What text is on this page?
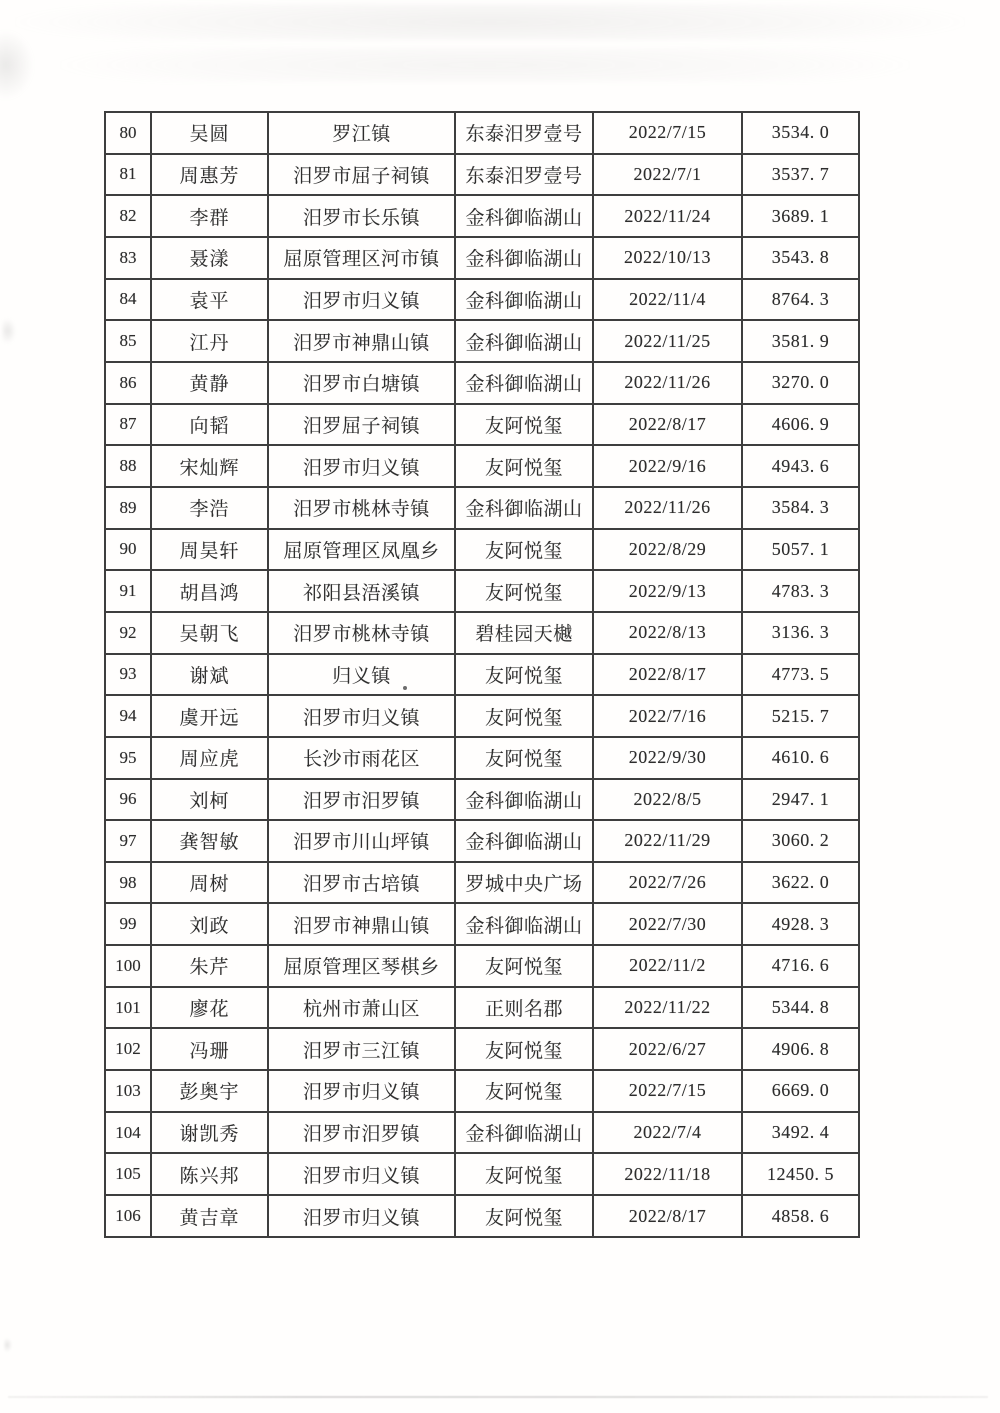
80	吴圆	罗江镇	东泰汨罗壹号	2022/7/15	3534. 0
81	周惠芳	汨罗市屈子祠镇	东泰汨罗壹号	2022/7/1	3537. 7
82	李群	汨罗市长乐镇	金科御临湖山	2022/11/24	3689. 1
83	聂漾	屈原管理区河市镇	金科御临湖山	2022/10/13	3543. 8
84	袁平	汨罗市归义镇	金科御临湖山	2022/11/4	8764. 3
85	江丹	汨罗市神鼎山镇	金科御临湖山	2022/11/25	3581. 9
86	黄静	汨罗市白塘镇	金科御临湖山	2022/11/26	3270. 0
87	向韬	汨罗屈子祠镇	友阿悦玺	2022/8/17	4606. 9
88	宋灿辉	汨罗市归义镇	友阿悦玺	2022/9/16	4943. 6
89	李浩	汨罗市桃林寺镇	金科御临湖山	2022/11/26	3584. 3
90	周昊轩	屈原管理区凤凰乡	友阿悦玺	2022/8/29	5057. 1
91	胡昌鸿	祁阳县浯溪镇	友阿悦玺	2022/9/13	4783. 3
92	吴朝飞	汨罗市桃林寺镇	碧桂园天樾	2022/8/13	3136. 3
93	谢斌	归义镇	友阿悦玺	2022/8/17	4773. 5
94	虞开远	汨罗市归义镇	友阿悦玺	2022/7/16	5215. 7
95	周应虎	长沙市雨花区	友阿悦玺	2022/9/30	4610. 6
96	刘柯	汨罗市汨罗镇	金科御临湖山	2022/8/5	2947. 1
97	龚智敏	汨罗市川山坪镇	金科御临湖山	2022/11/29	3060. 2
98	周树	汨罗市古培镇	罗城中央广场	2022/7/26	3622. 0
99	刘政	汨罗市神鼎山镇	金科御临湖山	2022/7/30	4928. 3
100	朱芹	屈原管理区琴棋乡	友阿悦玺	2022/11/2	4716. 6
101	廖花	杭州市萧山区	正则名郡	2022/11/22	5344. 8
102	冯珊	汨罗市三江镇	友阿悦玺	2022/6/27	4906. 8
103	彭奥宇	汨罗市归义镇	友阿悦玺	2022/7/15	6669. 0
104	谢凯秀	汨罗市汨罗镇	金科御临湖山	2022/7/4	3492. 4
105	陈兴邦	汨罗市归义镇	友阿悦玺	2022/11/18	12450. 5
106	黄吉章	汨罗市归义镇	友阿悦玺	2022/8/17	4858. 6
